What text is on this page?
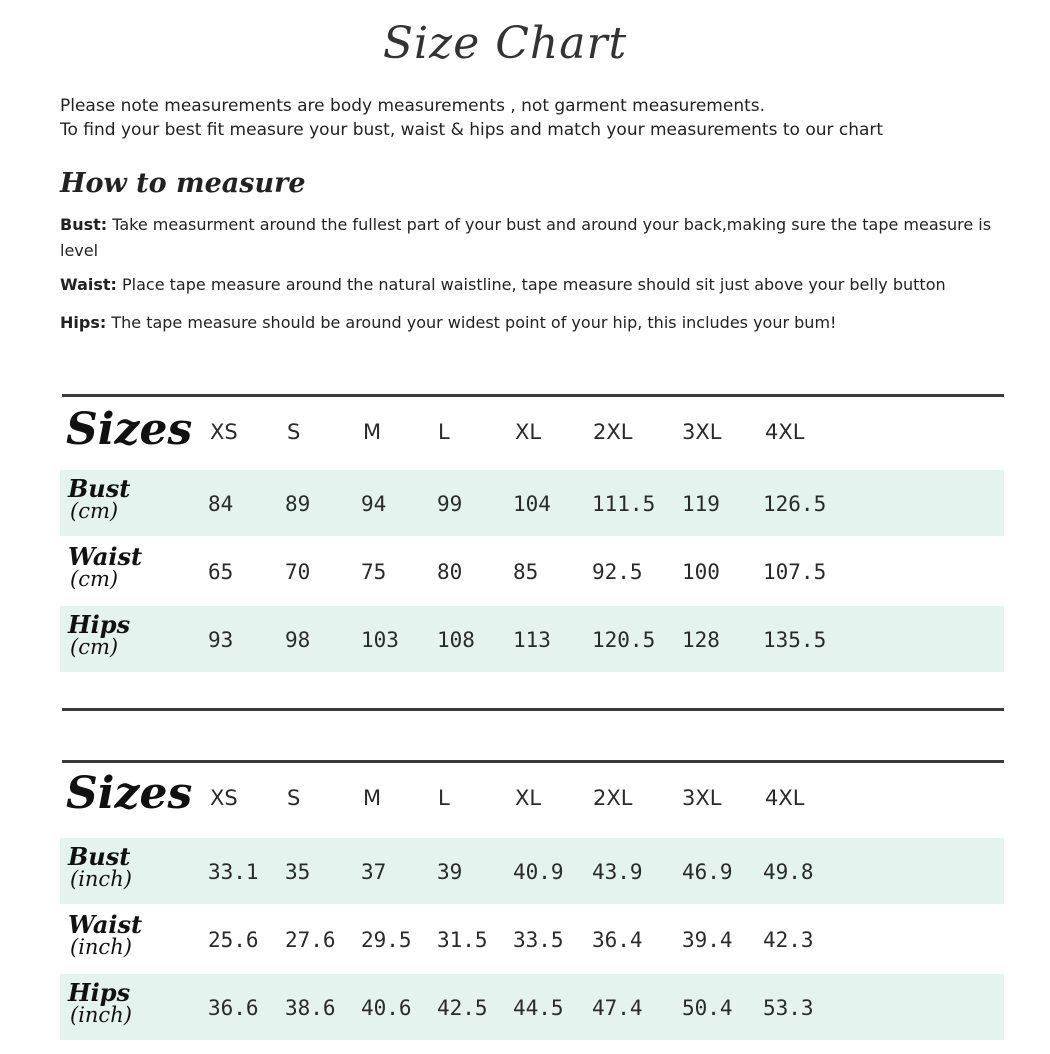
Size Chart
Please note measurements are body measurements , not garment measurements.
To find your best fit measure your bust, waist & hips and match your measurements to our chart
How to measure
Bust: Take measurment around the fullest part of your bust and around your back,making sure the tape measure is level
Waist: Place tape measure around the natural waistline, tape measure should sit just above your belly button
Hips: The tape measure should be around your widest point of your hip, this includes your bum!
Sizes XS S	M	L	XL 2XL 3XL 4XL
Bust
(cm)	84 89 94 99 104 111.5 119 126.5
Waist
(cm)	65 70 75 80 85	92.5 100 107.5
Hips
(cm)	93 98 103 108 113 120.5 128 135.5
Sizes XS S	M	L	XL 2XL 3XL 4XL
Bust
(inch)	33.1 35 37 39 40.9 43.9 46.9 49.8
Waist
(inch)	25.6 27.6 29.5 31.5 33.5 36.4 39.4 42.3
Hips
(inch)	36.6 38.6 40.6 42.5 44.5 47.4 50.4 53.3
